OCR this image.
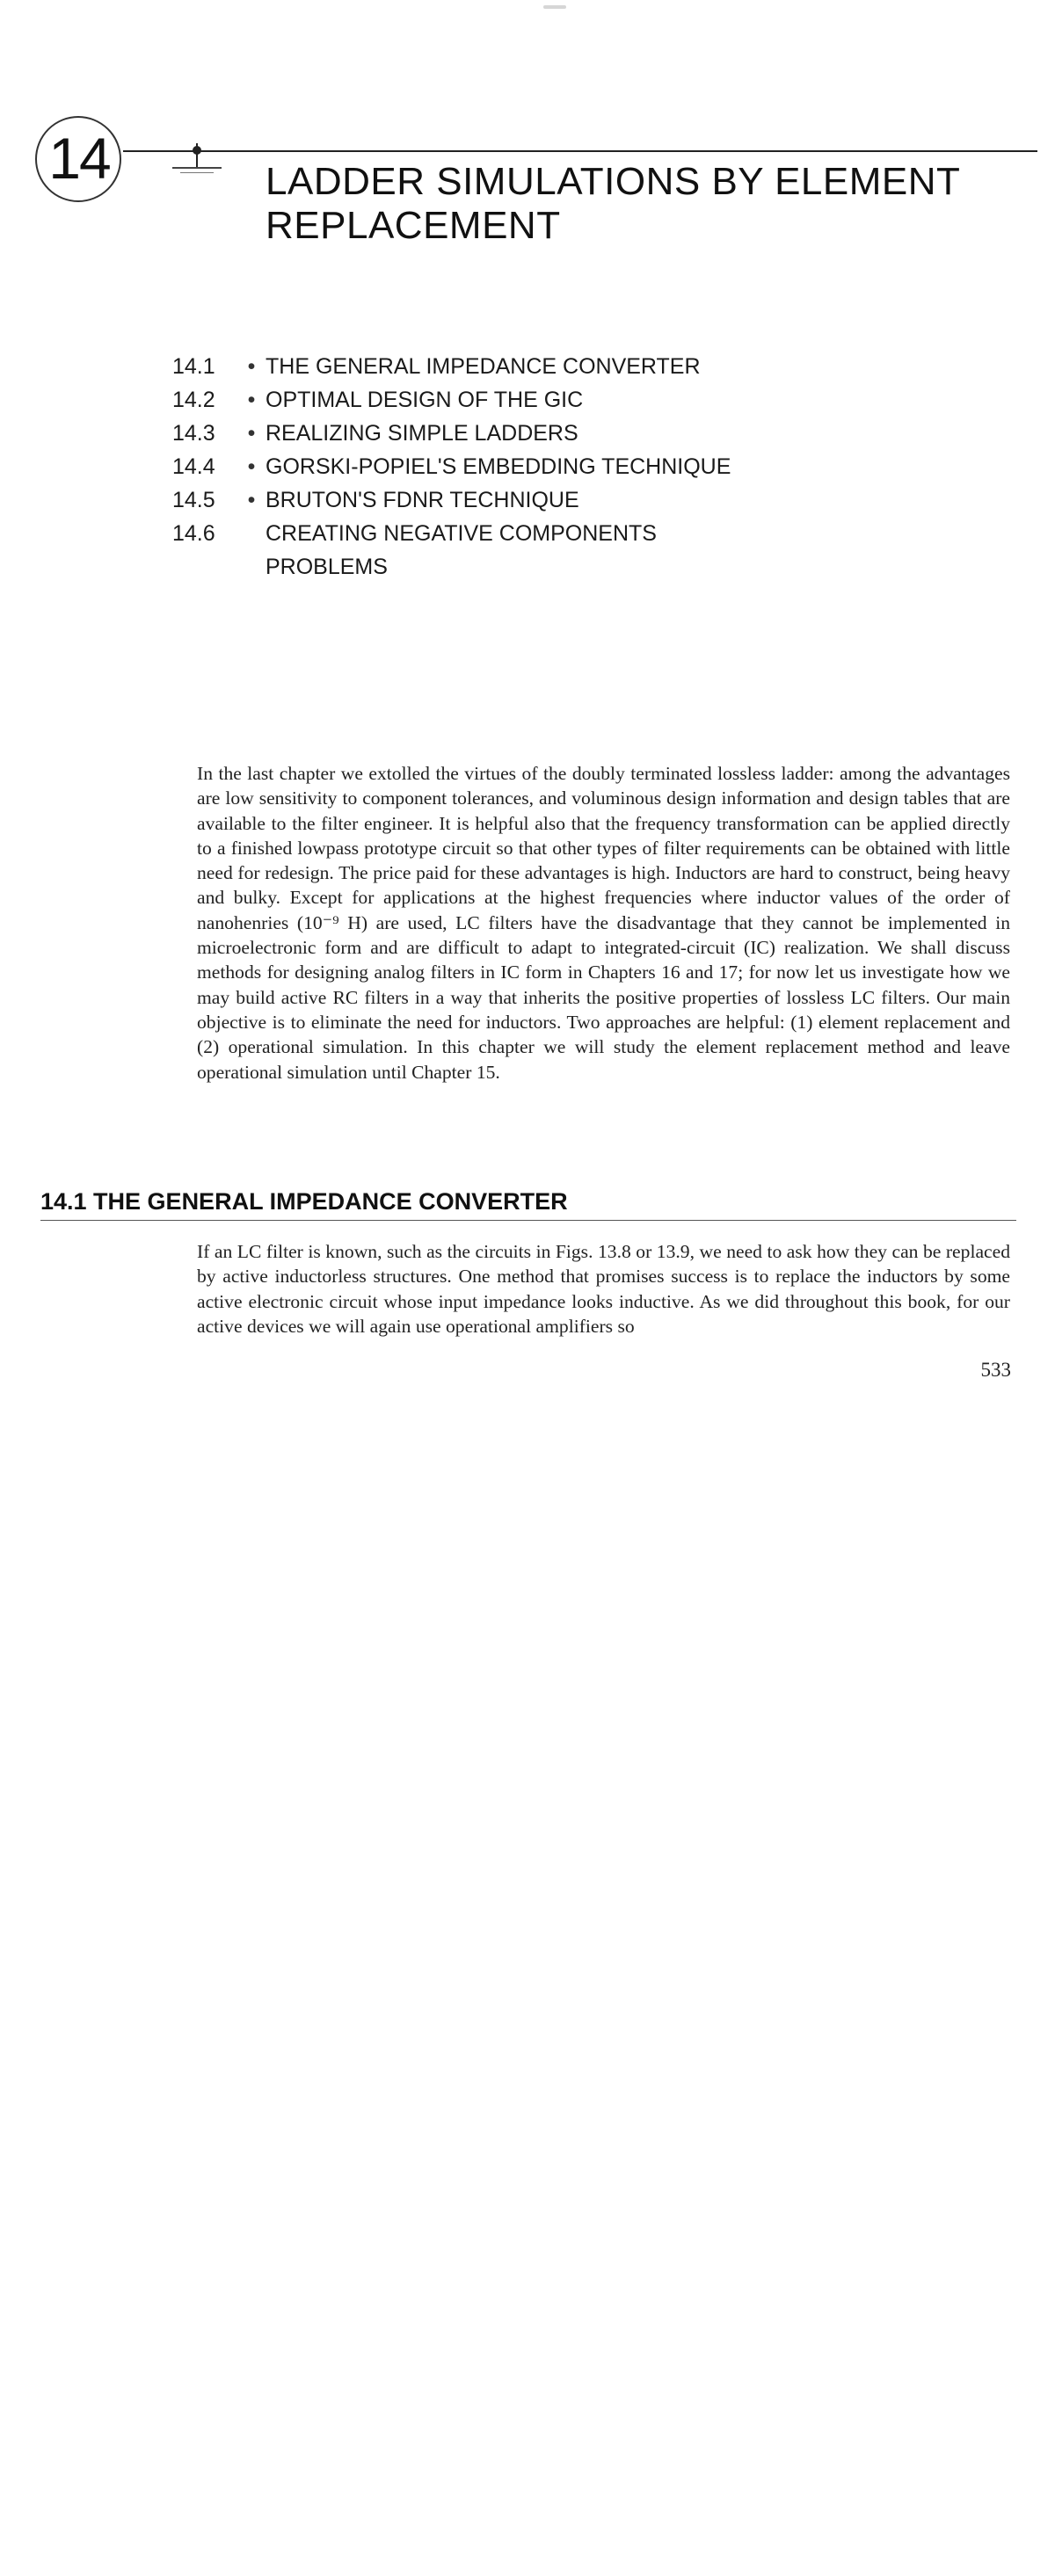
14	LADDER SIMULATIONS BY ELEMENT REPLACEMENT
14.1	• THE GENERAL IMPEDANCE CONVERTER
14.2	• OPTIMAL DESIGN OF THE GIC
14.3	• REALIZING SIMPLE LADDERS
14.4	• GORSKI-POPIEL'S EMBEDDING TECHNIQUE
14.5	• BRUTON'S FDNR TECHNIQUE
14.6	CREATING NEGATIVE COMPONENTS
PROBLEMS

In the last chapter we extolled the virtues of the doubly terminated lossless ladder: among the advantages are low sensitivity to component tolerances, and voluminous design information and design tables that are available to the filter engineer. It is helpful also that the frequency transformation can be applied directly to a finished lowpass prototype circuit so that other types of filter requirements can be obtained with little need for redesign. The price paid for these advantages is high. Inductors are hard to construct, being heavy and bulky. Except for applications at the highest frequencies where inductor values of the order of nanohenries (10⁻⁹ H) are used, LC filters have the disadvantage that they cannot be implemented in microelectronic form and are difficult to adapt to integrated-circuit (IC) realization. We shall discuss methods for designing analog filters in IC form in Chapters 16 and 17; for now let us investigate how we may build active RC filters in a way that inherits the positive properties of lossless LC filters. Our main objective is to eliminate the need for inductors. Two approaches are helpful: (1) element replacement and (2) operational simulation. In this chapter we will study the element replacement method and leave operational simulation until Chapter 15.

14.1 THE GENERAL IMPEDANCE CONVERTER

If an LC filter is known, such as the circuits in Figs. 13.8 or 13.9, we need to ask how they can be replaced by active inductorless structures. One method that promises success is to replace the inductors by some active electronic circuit whose input impedance looks inductive. As we did throughout this book, for our active devices we will again use operational amplifiers so

533
